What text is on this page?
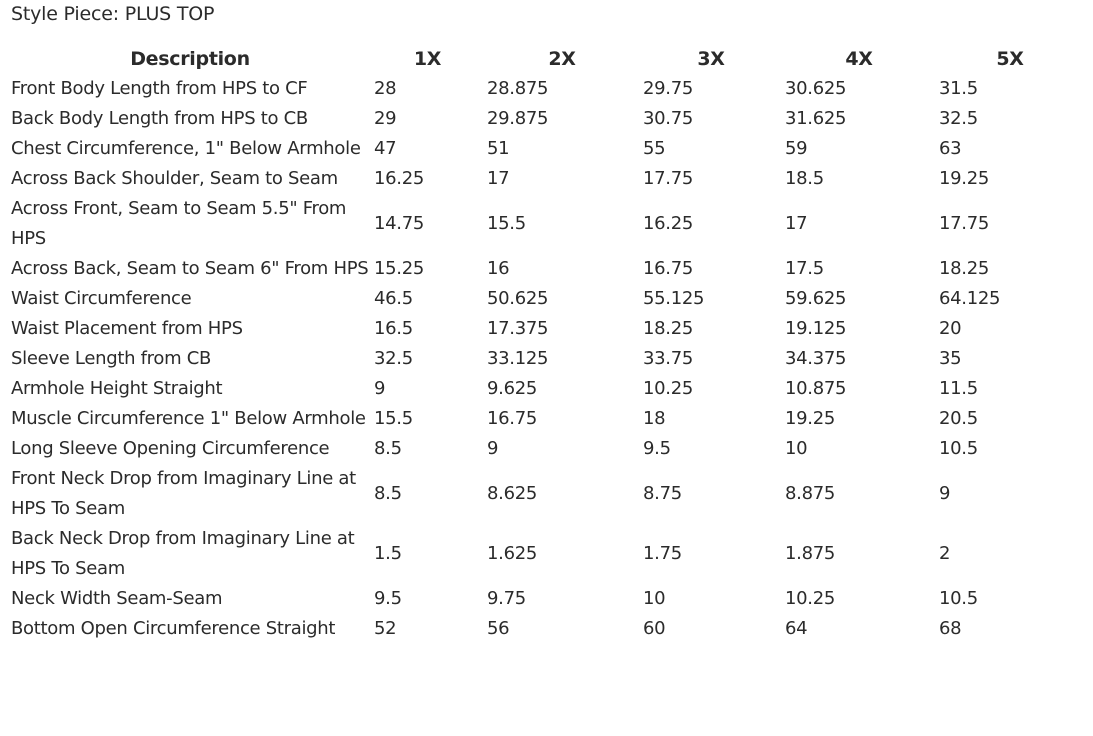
Style Piece: PLUS TOP
Description	1X	2X	3X	4X	5X
Front Body Length from HPS to CF	28	28.875	29.75	30.625	31.5
Back Body Length from HPS to CB	29	29.875	30.75	31.625	32.5
Chest Circumference, 1" Below Armhole	47	51	55	59	63
Across Back Shoulder, Seam to Seam	16.25	17	17.75	18.5	19.25
Across Front, Seam to Seam 5.5" From HPS	14.75	15.5	16.25	17	17.75
Across Back, Seam to Seam 6" From HPS	15.25	16	16.75	17.5	18.25
Waist Circumference	46.5	50.625	55.125	59.625	64.125
Waist Placement from HPS	16.5	17.375	18.25	19.125	20
Sleeve Length from CB	32.5	33.125	33.75	34.375	35
Armhole Height Straight	9	9.625	10.25	10.875	11.5
Muscle Circumference 1" Below Armhole	15.5	16.75	18	19.25	20.5
Long Sleeve Opening Circumference	8.5	9	9.5	10	10.5
Front Neck Drop from Imaginary Line at HPS To Seam	8.5	8.625	8.75	8.875	9
Back Neck Drop from Imaginary Line at HPS To Seam	1.5	1.625	1.75	1.875	2
Neck Width Seam-Seam	9.5	9.75	10	10.25	10.5
Bottom Open Circumference Straight	52	56	60	64	68
